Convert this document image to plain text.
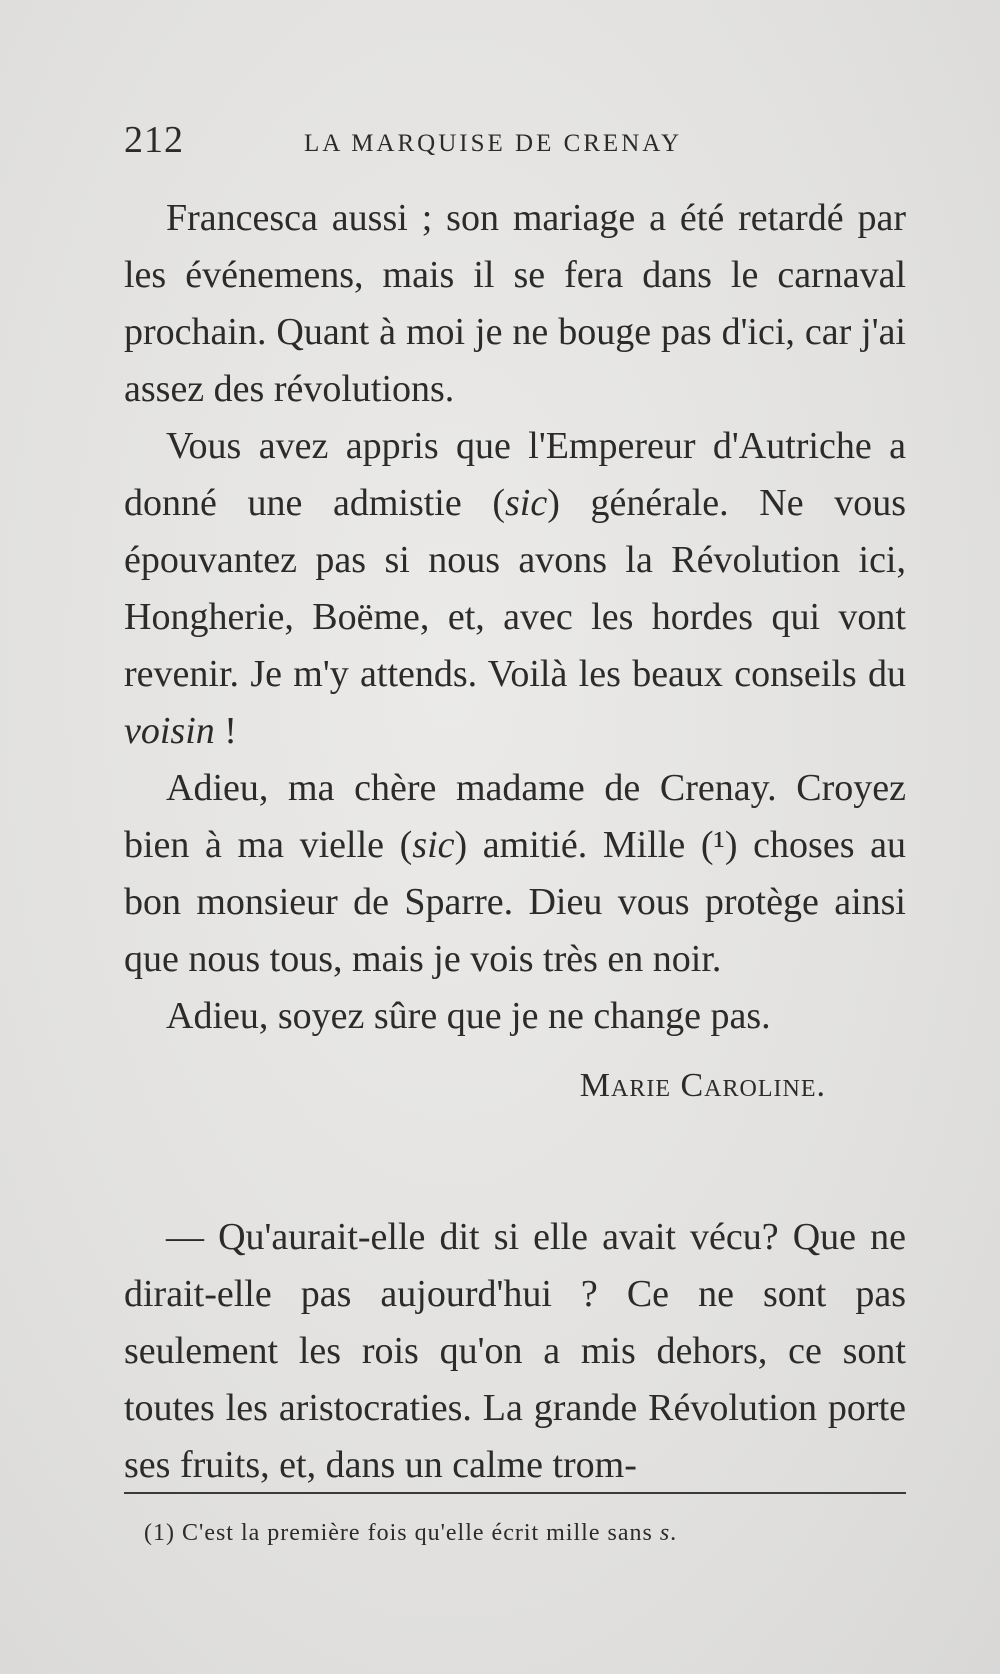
212	LA MARQUISE DE CRENAY

Francesca aussi ; son mariage a été retardé par les événemens, mais il se fera dans le carnaval prochain. Quant à moi je ne bouge pas d'ici, car j'ai assez des révolutions.

Vous avez appris que l'Empereur d'Autriche a donné une admistie (sic) générale. Ne vous épouvantez pas si nous avons la Révolution ici, Hongherie, Boëme, et, avec les hordes qui vont revenir. Je m'y attends. Voilà les beaux conseils du voisin !

Adieu, ma chère madame de Crenay. Croyez bien à ma vielle (sic) amitié. Mille (¹) choses au bon monsieur de Sparre. Dieu vous protège ainsi que nous tous, mais je vois très en noir.

Adieu, soyez sûre que je ne change pas.

Marie Caroline.

— Qu'aurait-elle dit si elle avait vécu? Que ne dirait-elle pas aujourd'hui ? Ce ne sont pas seulement les rois qu'on a mis dehors, ce sont toutes les aristocraties. La grande Révolution porte ses fruits, et, dans un calme trom-

(1) C'est la première fois qu'elle écrit mille sans s.
